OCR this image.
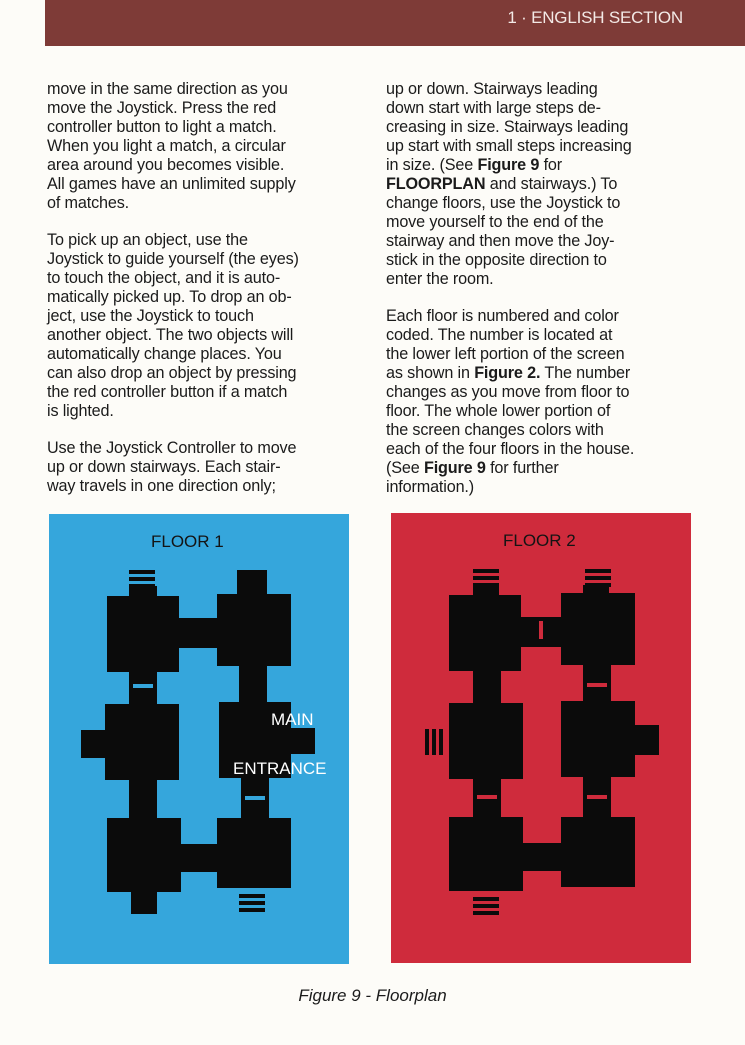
1 · ENGLISH SECTION

move in the same direction as you
move the Joystick. Press the red
controller button to light a match.
When you light a match, a circular
area around you becomes visible.
All games have an unlimited supply
of matches.

To pick up an object, use the
Joystick to guide yourself (the eyes)
to touch the object, and it is auto-
matically picked up. To drop an ob-
ject, use the Joystick to touch
another object. The two objects will
automatically change places. You
can also drop an object by pressing
the red controller button if a match
is lighted.

Use the Joystick Controller to move
up or down stairways. Each stair-
way travels in one direction only;

up or down. Stairways leading
down start with large steps de-
creasing in size. Stairways leading
up start with small steps increasing
in size. (See Figure 9 for
FLOORPLAN and stairways.) To
change floors, use the Joystick to
move yourself to the end of the
stairway and then move the Joy-
stick in the opposite direction to
enter the room.

Each floor is numbered and color
coded. The number is located at
the lower left portion of the screen
as shown in Figure 2. The number
changes as you move from floor to
floor. The whole lower portion of
the screen changes colors with
each of the four floors in the house.
(See Figure 9 for further
information.)

FLOOR 1
MAIN
ENTRANCE
FLOOR 2
Figure 9 - Floorplan
